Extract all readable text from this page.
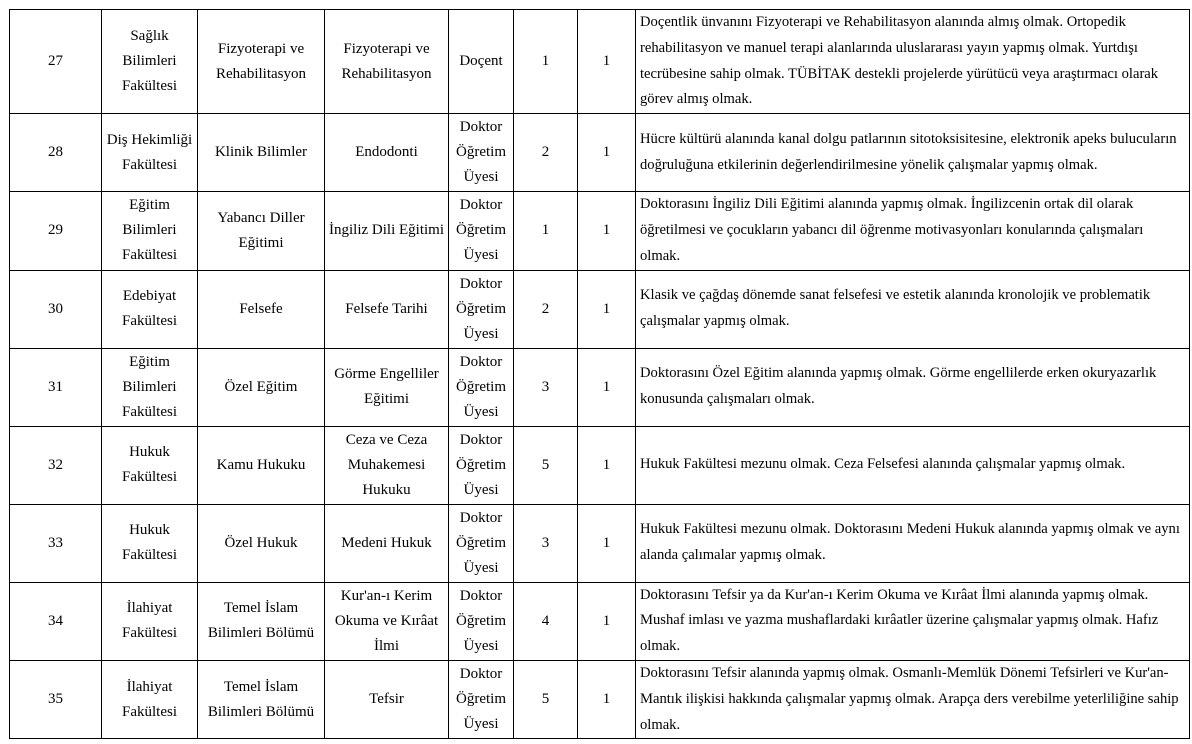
27	Sağlık Bilimleri Fakültesi	Fizyoterapi ve Rehabilitasyon	Fizyoterapi ve Rehabilitasyon	Doçent	1	1	Doçentlik ünvanını Fizyoterapi ve Rehabilitasyon alanında almış olmak. Ortopedik rehabilitasyon ve manuel terapi alanlarında uluslararası yayın yapmış olmak. Yurtdışı tecrübesine sahip olmak. TÜBİTAK destekli projelerde yürütücü veya araştırmacı olarak görev almış olmak.
28	Diş Hekimliği Fakültesi	Klinik Bilimler	Endodonti	Doktor Öğretim Üyesi	2	1	Hücre kültürü alanında kanal dolgu patlarının sitotoksisitesine, elektronik apeks bulucuların doğruluğuna etkilerinin değerlendirilmesine yönelik çalışmalar yapmış olmak.
29	Eğitim Bilimleri Fakültesi	Yabancı Diller Eğitimi	İngiliz Dili Eğitimi	Doktor Öğretim Üyesi	1	1	Doktorasını İngiliz Dili Eğitimi alanında yapmış olmak. İngilizcenin ortak dil olarak öğretilmesi ve çocukların yabancı dil öğrenme motivasyonları konularında çalışmaları olmak.
30	Edebiyat Fakültesi	Felsefe	Felsefe Tarihi	Doktor Öğretim Üyesi	2	1	Klasik ve çağdaş dönemde sanat felsefesi ve estetik alanında kronolojik ve problematik çalışmalar yapmış olmak.
31	Eğitim Bilimleri Fakültesi	Özel Eğitim	Görme Engelliler Eğitimi	Doktor Öğretim Üyesi	3	1	Doktorasını Özel Eğitim alanında yapmış olmak. Görme engellilerde erken okuryazarlık konusunda çalışmaları olmak.
32	Hukuk Fakültesi	Kamu Hukuku	Ceza ve Ceza Muhakemesi Hukuku	Doktor Öğretim Üyesi	5	1	Hukuk Fakültesi mezunu olmak. Ceza Felsefesi alanında çalışmalar yapmış olmak.
33	Hukuk Fakültesi	Özel Hukuk	Medeni Hukuk	Doktor Öğretim Üyesi	3	1	Hukuk Fakültesi mezunu olmak. Doktorasını Medeni Hukuk alanında yapmış olmak ve aynı alanda çalımalar yapmış olmak.
34	İlahiyat Fakültesi	Temel İslam Bilimleri Bölümü	Kur'an-ı Kerim Okuma ve Kırâat İlmi	Doktor Öğretim Üyesi	4	1	Doktorasını Tefsir ya da Kur'an-ı Kerim Okuma ve Kırâat İlmi alanında yapmış olmak. Mushaf imlası ve yazma mushaflardaki kırâatler üzerine çalışmalar yapmış olmak. Hafız olmak.
35	İlahiyat Fakültesi	Temel İslam Bilimleri Bölümü	Tefsir	Doktor Öğretim Üyesi	5	1	Doktorasını Tefsir alanında yapmış olmak. Osmanlı-Memlük Dönemi Tefsirleri ve Kur'an-Mantık ilişkisi hakkında çalışmalar yapmış olmak. Arapça ders verebilme yeterliliğine sahip olmak.
